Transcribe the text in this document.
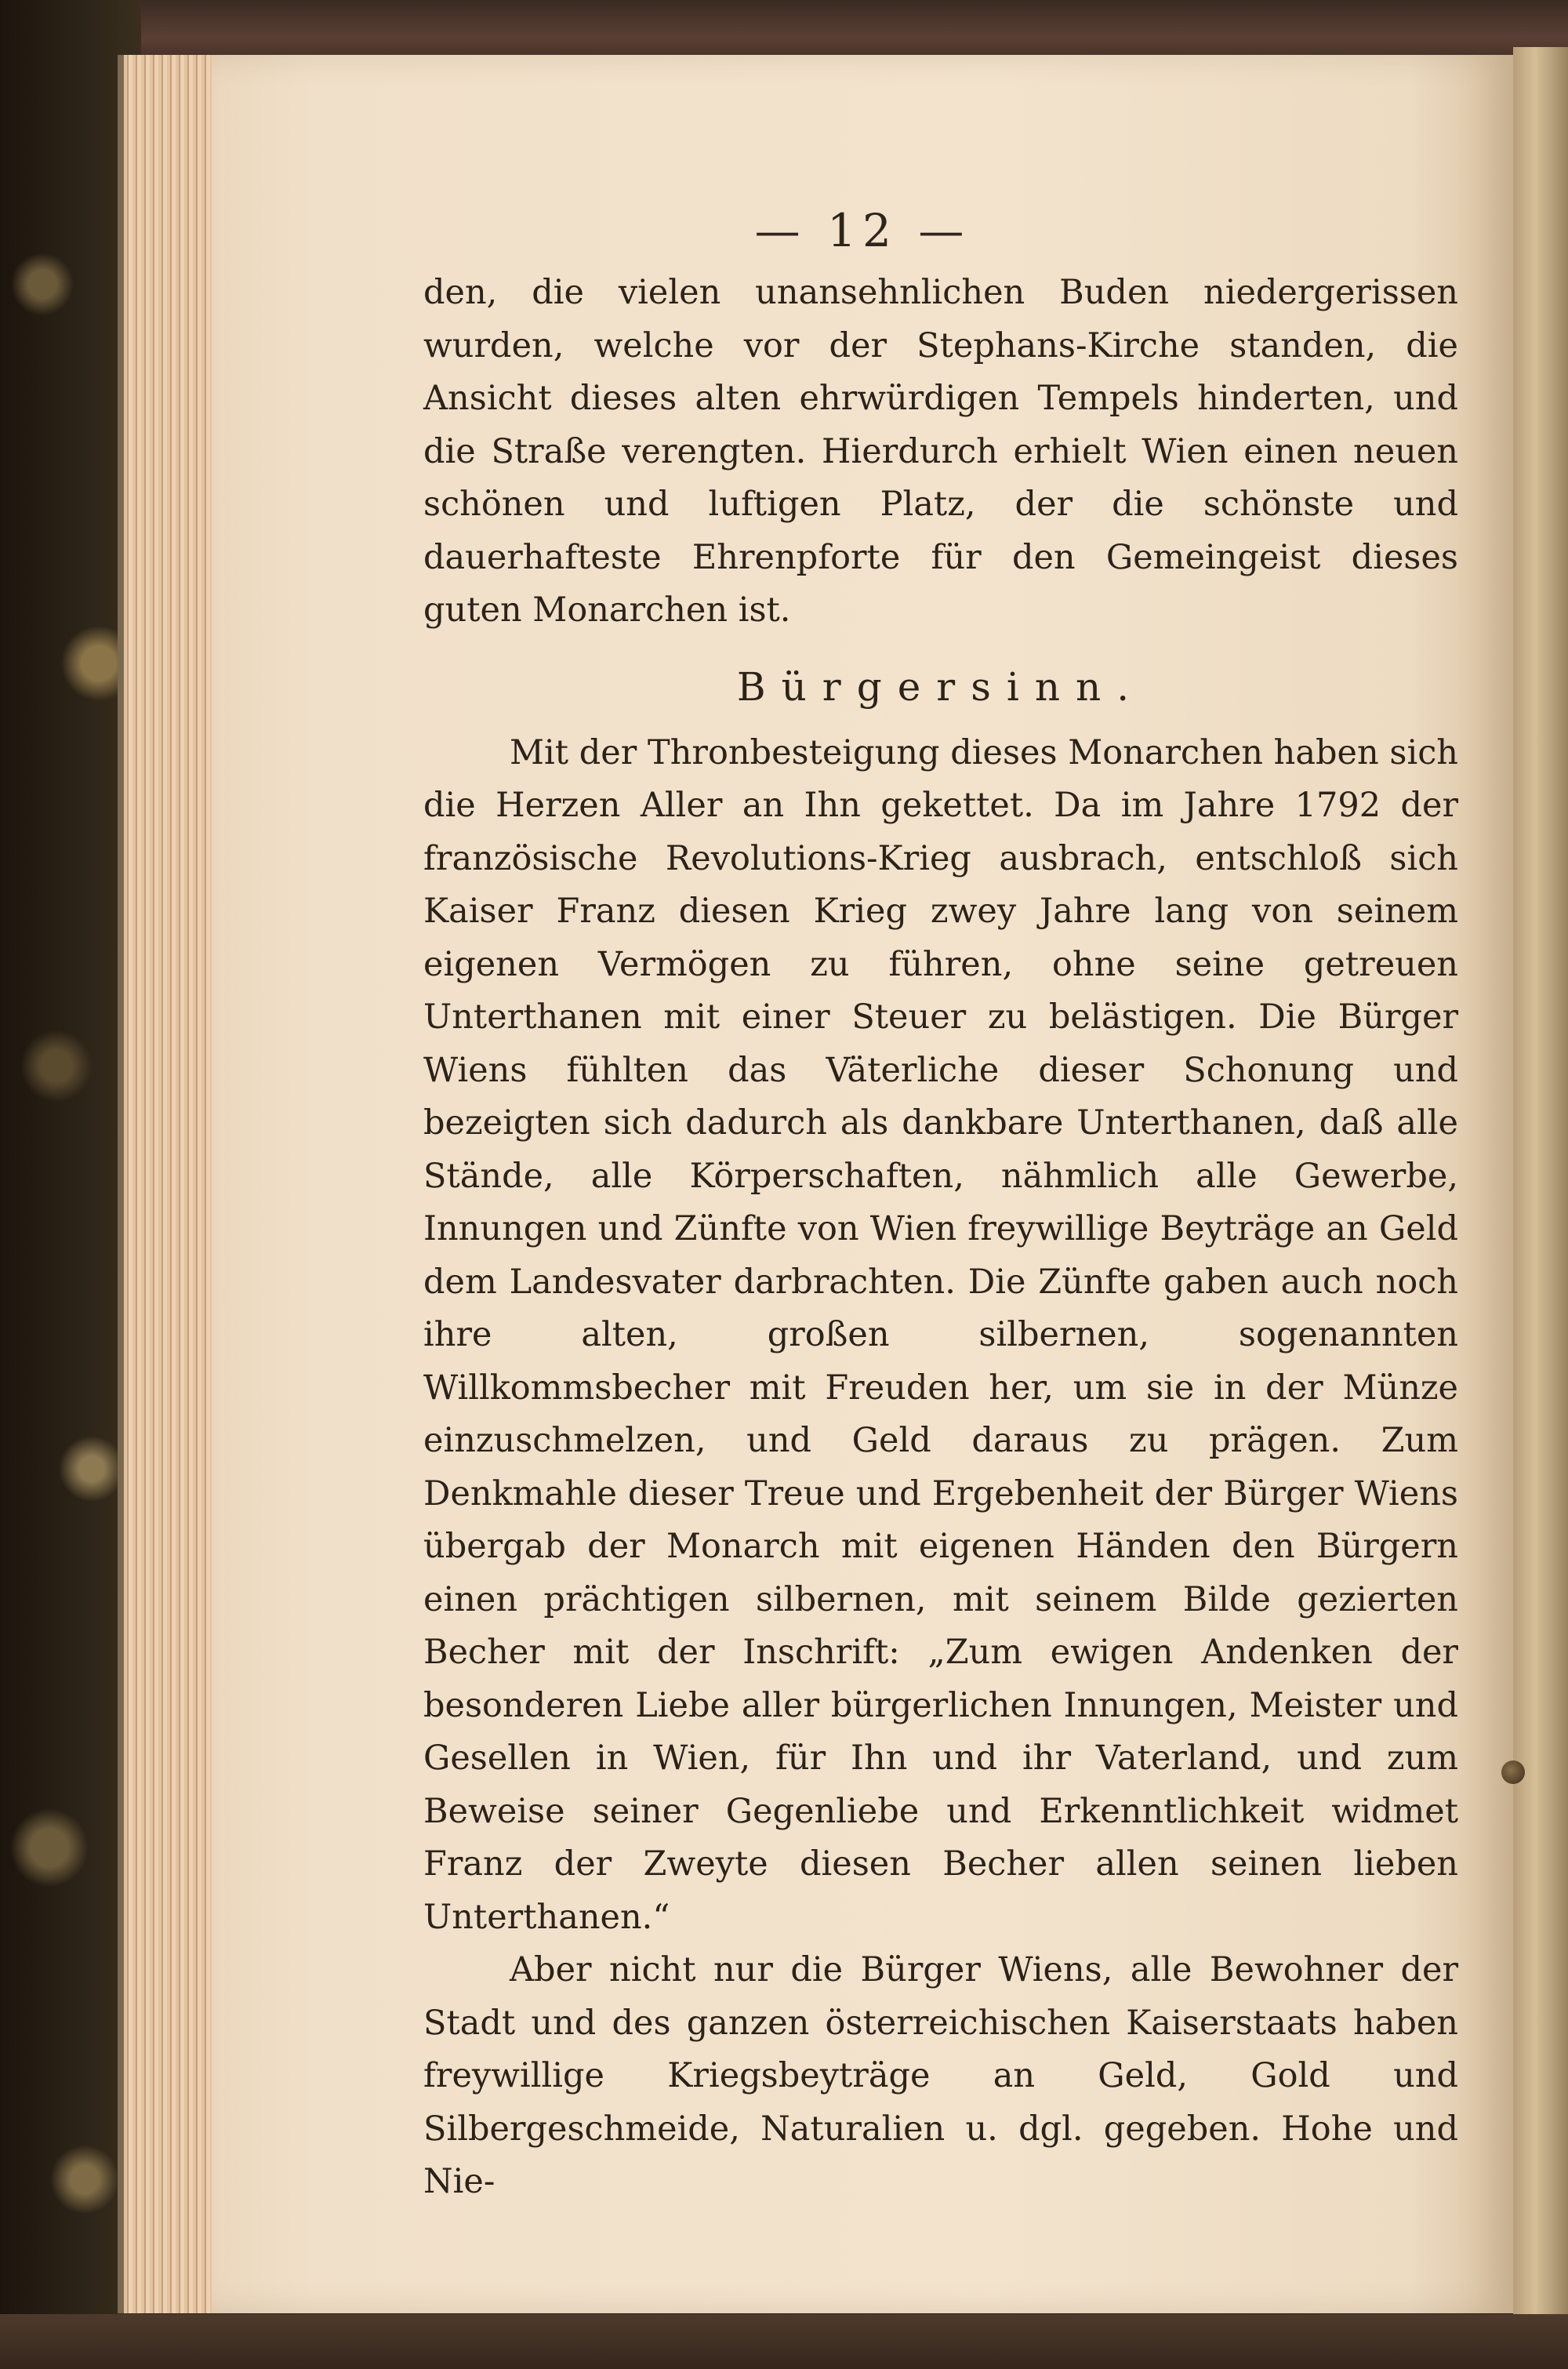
— 12 —

den, die vielen unansehnlichen Buden niedergerissen wurden, welche vor der Stephans-Kirche standen, die Ansicht dieses alten ehrwürdigen Tempels hinderten, und die Straße verengten. Hierdurch erhielt Wien einen neuen schönen und luftigen Platz, der die schönste und dauerhafteste Ehrenpforte für den Gemeingeist dieses guten Monarchen ist.

Bürgersinn.

Mit der Thronbesteigung dieses Monarchen haben sich die Herzen Aller an Ihn gekettet. Da im Jahre 1792 der französische Revolutions-Krieg ausbrach, entschloß sich Kaiser Franz diesen Krieg zwey Jahre lang von seinem eigenen Vermögen zu führen, ohne seine getreuen Unterthanen mit einer Steuer zu belästigen. Die Bürger Wiens fühlten das Väterliche dieser Schonung und bezeigten sich dadurch als dankbare Unterthanen, daß alle Stände, alle Körperschaften, nähmlich alle Gewerbe, Innungen und Zünfte von Wien freywillige Beyträge an Geld dem Landesvater darbrachten. Die Zünfte gaben auch noch ihre alten, großen silbernen, sogenannten Willkommsbecher mit Freuden her, um sie in der Münze einzuschmelzen, und Geld daraus zu prägen. Zum Denkmahle dieser Treue und Ergebenheit der Bürger Wiens übergab der Monarch mit eigenen Händen den Bürgern einen prächtigen silbernen, mit seinem Bilde gezierten Becher mit der Inschrift: „Zum ewigen Andenken der besonderen Liebe aller bürgerlichen Innungen, Meister und Gesellen in Wien, für Ihn und ihr Vaterland, und zum Beweise seiner Gegenliebe und Erkenntlichkeit widmet Franz der Zweyte diesen Becher allen seinen lieben Unterthanen.“

Aber nicht nur die Bürger Wiens, alle Bewohner der Stadt und des ganzen österreichischen Kaiserstaats haben freywillige Kriegsbeyträge an Geld, Gold und Silbergeschmeide, Naturalien u. dgl. gegeben. Hohe und Nie-
